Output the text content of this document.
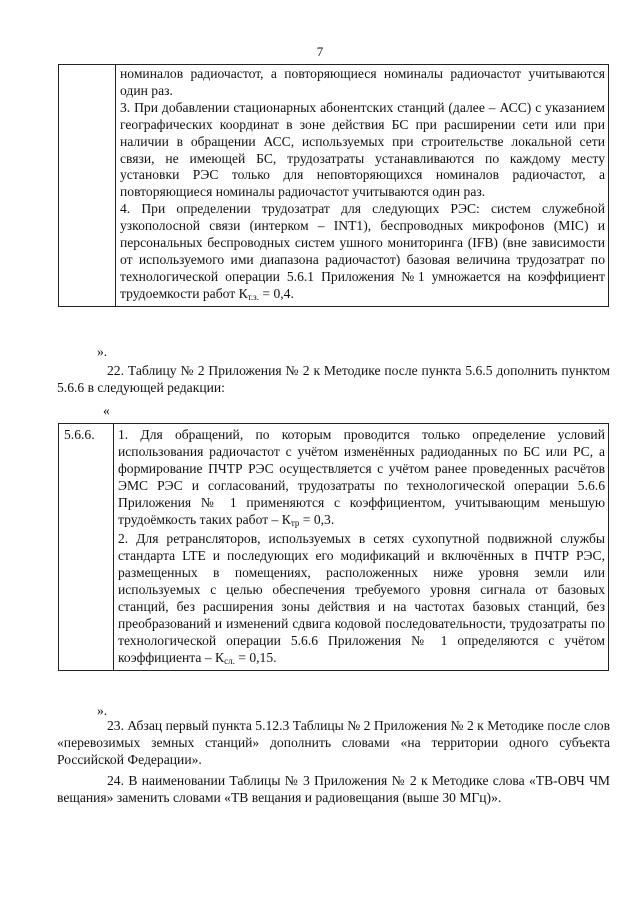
7

номиналов радиочастот, а повторяющиеся номиналы радиочастот учитываются один раз.

3. При добавлении стационарных абонентских станций (далее – АСС) с указанием географических координат в зоне действия БС при расширении сети или при наличии в обращении АСС, используемых при строительстве локальной сети связи, не имеющей БС, трудозатраты устанавливаются по каждому месту установки РЭС только для неповторяющихся номиналов радиочастот, а повторяющиеся номиналы радиочастот учитываются один раз.

4. При определении трудозатрат для следующих РЭС: систем служебной узкополосной связи (интерком – INT1), беспроводных микрофонов (MIC) и персональных беспроводных систем ушного мониторинга (IFB) (вне зависимости от используемого ими диапазона радиочастот) базовая величина трудозатрат по технологической операции 5.6.1 Приложения №1 умножается на коэффициент трудоемкости работ $К_{т.з.} = 0,4$.

».

22. Таблицу № 2 Приложения № 2 к Методике после пункта 5.6.5 дополнить пунктом 5.6.6 в следующей редакции:

«

5.6.6.	1. Для обращений, по которым проводится только определение условий использования радиочастот с учётом изменённых радиоданных по БС или РС, а формирование ПЧТР РЭС осуществляется с учётом ранее проведенных расчётов ЭМС РЭС и согласований, трудозатраты по технологической операции 5.6.6 Приложения № 1 применяются с коэффициентом, учитывающим меньшую трудоёмкость таких работ – $К_{тр} = 0,3$.

2. Для ретрансляторов, используемых в сетях сухопутной подвижной службы стандарта LTE и последующих его модификаций и включённых в ПЧТР РЭС, размещенных в помещениях, расположенных ниже уровня земли или используемых с целью обеспечения требуемого уровня сигнала от базовых станций, без расширения зоны действия и на частотах базовых станций, без преобразований и изменений сдвига кодовой последовательности, трудозатраты по технологической операции 5.6.6 Приложения № 1 определяются с учётом коэффициента – $К_{сл.} = 0,15$.

».

23. Абзац первый пункта 5.12.3 Таблицы № 2 Приложения № 2 к Методике после слов «перевозимых земных станций» дополнить словами «на территории одного субъекта Российской Федерации».

24. В наименовании Таблицы № 3 Приложения № 2 к Методике слова «ТВ-ОВЧ ЧМ вещания» заменить словами «ТВ вещания и радиовещания (выше 30 МГц)».
